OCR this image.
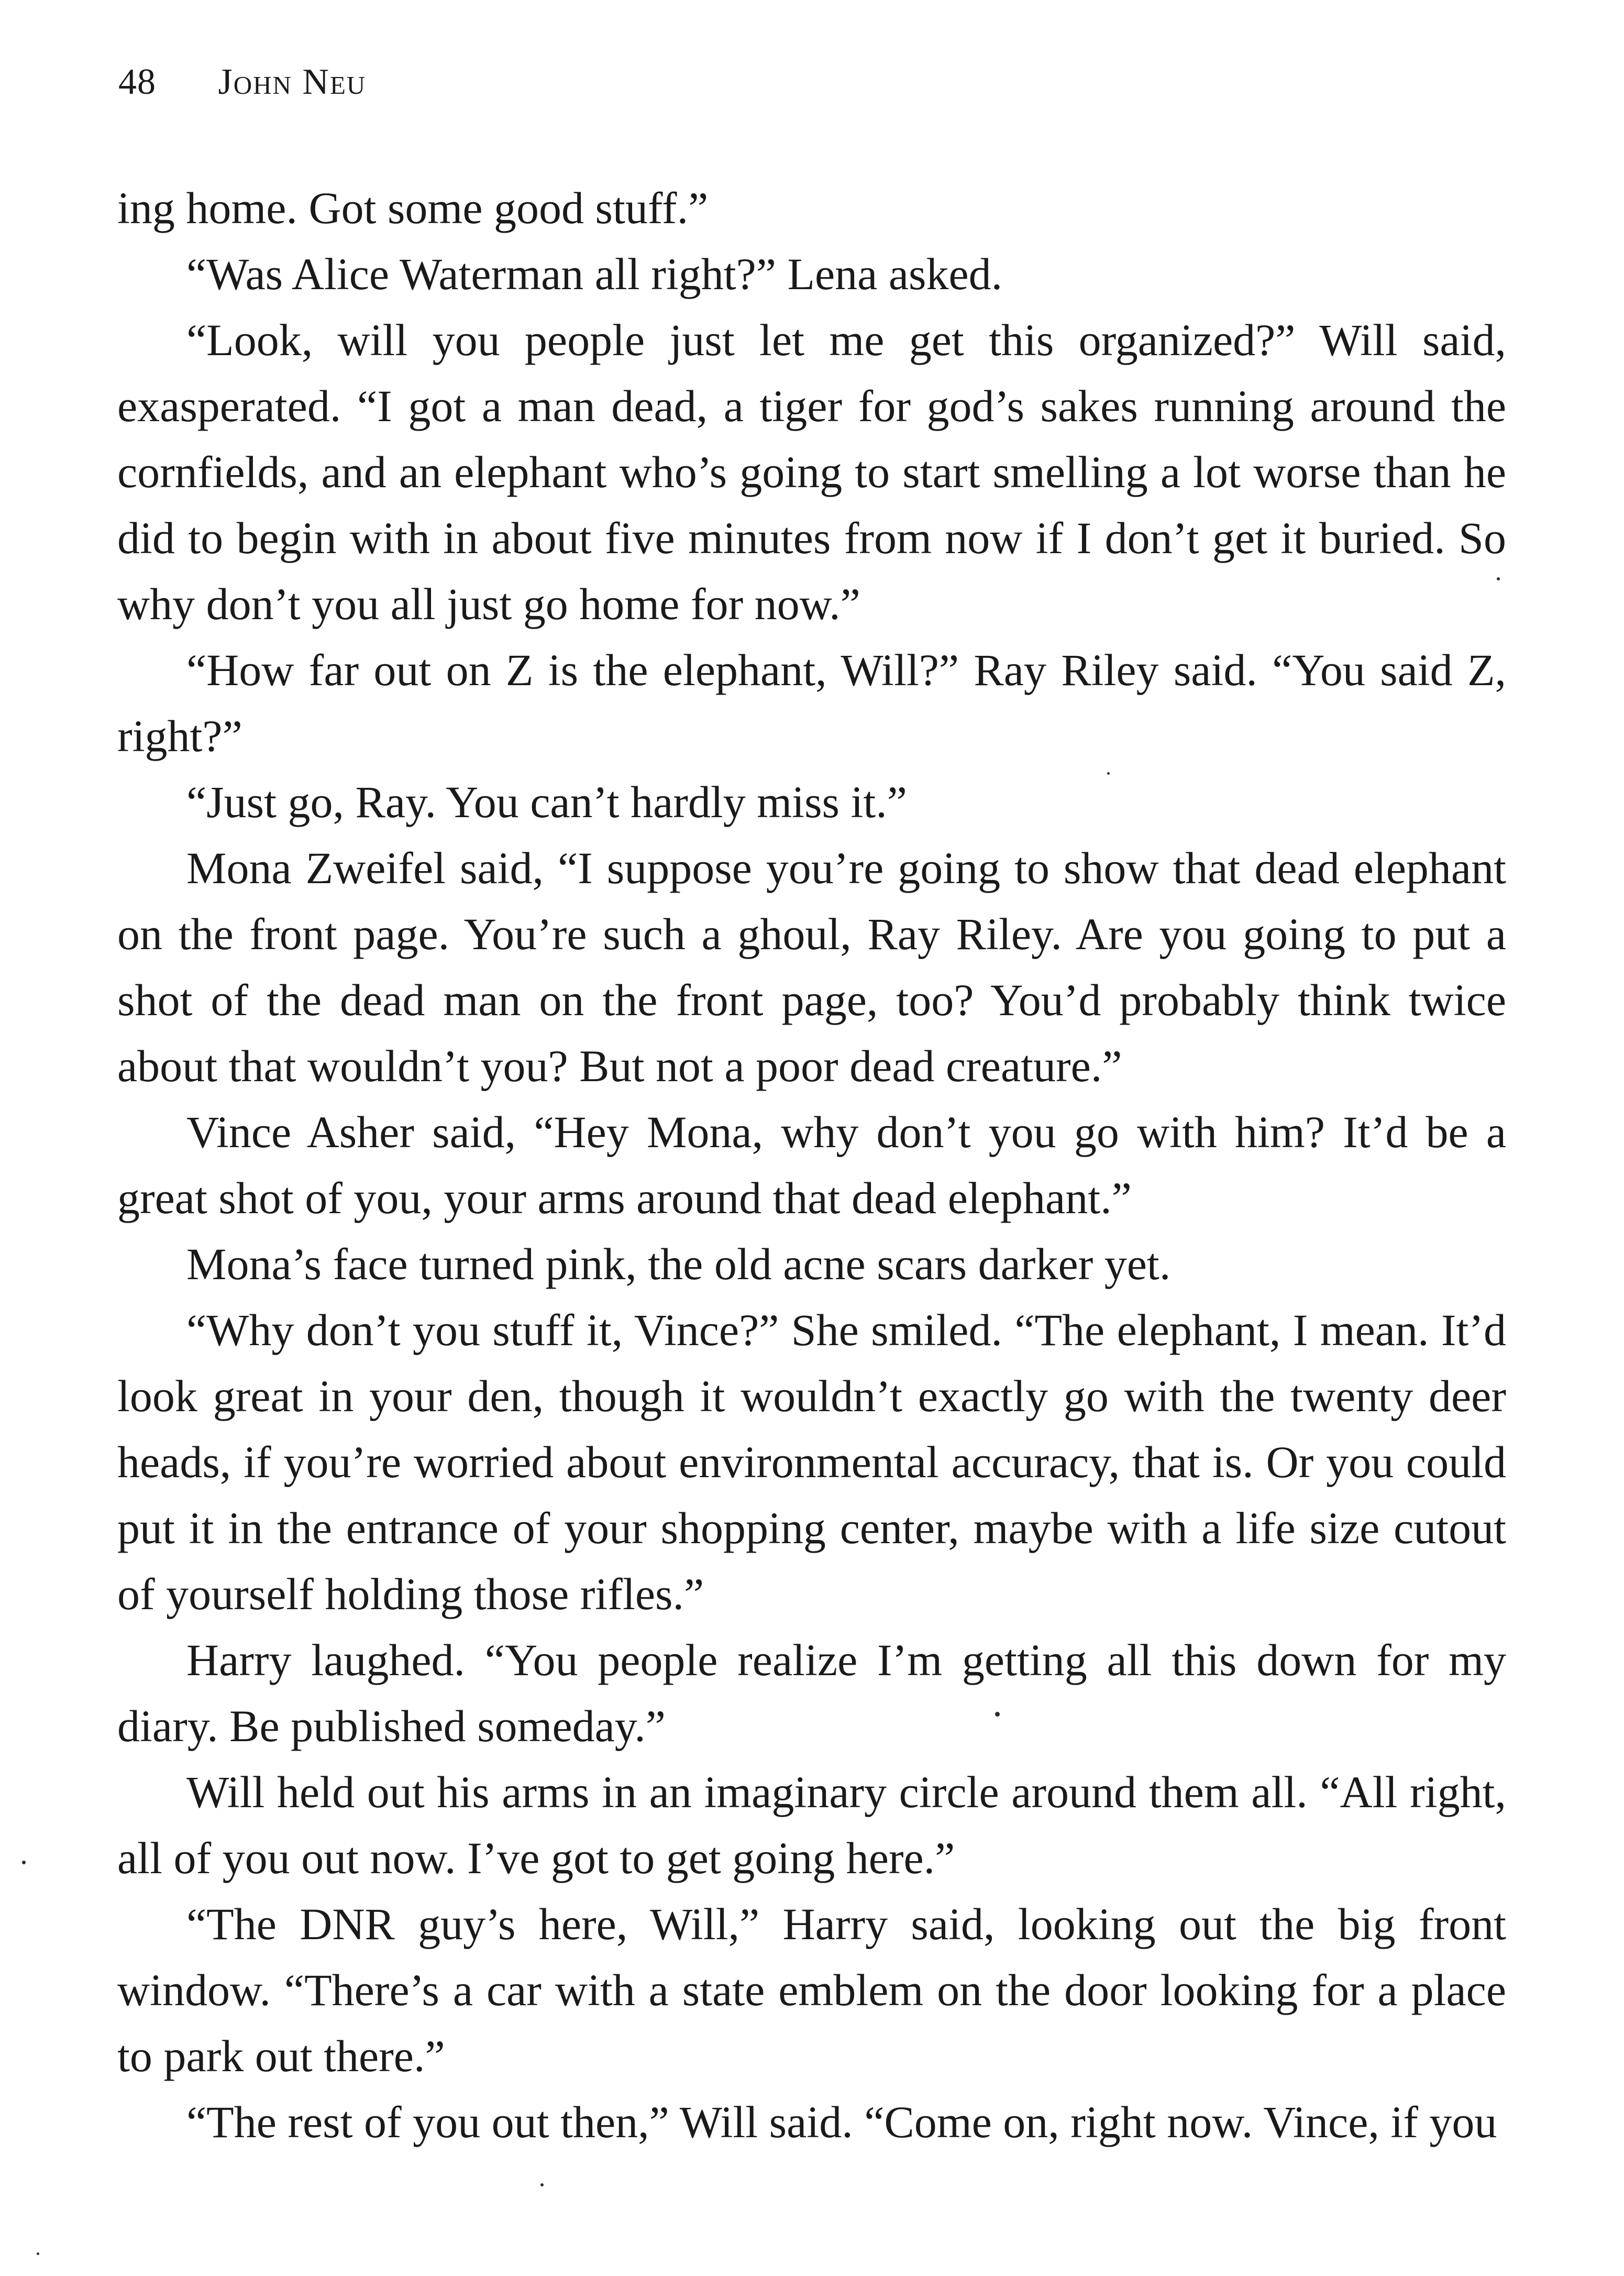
48 John Neu

ing home. Got some good stuff.”

“Was Alice Waterman all right?” Lena asked.

“Look, will you people just let me get this organized?” Will said, exasperated. “I got a man dead, a tiger for god’s sakes running around the cornfields, and an elephant who’s going to start smelling a lot worse than he did to begin with in about five minutes from now if I don’t get it buried. So why don’t you all just go home for now.”

“How far out on Z is the elephant, Will?” Ray Riley said. “You said Z, right?”

“Just go, Ray. You can’t hardly miss it.”

Mona Zweifel said, “I suppose you’re going to show that dead elephant on the front page. You’re such a ghoul, Ray Riley. Are you going to put a shot of the dead man on the front page, too? You’d probably think twice about that wouldn’t you? But not a poor dead creature.”

Vince Asher said, “Hey Mona, why don’t you go with him? It’d be a great shot of you, your arms around that dead elephant.”

Mona’s face turned pink, the old acne scars darker yet.

“Why don’t you stuff it, Vince?” She smiled. “The elephant, I mean. It’d look great in your den, though it wouldn’t exactly go with the twenty deer heads, if you’re worried about environmental accuracy, that is. Or you could put it in the entrance of your shopping center, maybe with a life size cutout of yourself holding those rifles.”

Harry laughed. “You people realize I’m getting all this down for my diary. Be published someday.”

Will held out his arms in an imaginary circle around them all. “All right, all of you out now. I’ve got to get going here.”

“The DNR guy’s here, Will,” Harry said, looking out the big front window. “There’s a car with a state emblem on the door looking for a place to park out there.”

“The rest of you out then,” Will said. “Come on, right now. Vince, if you
